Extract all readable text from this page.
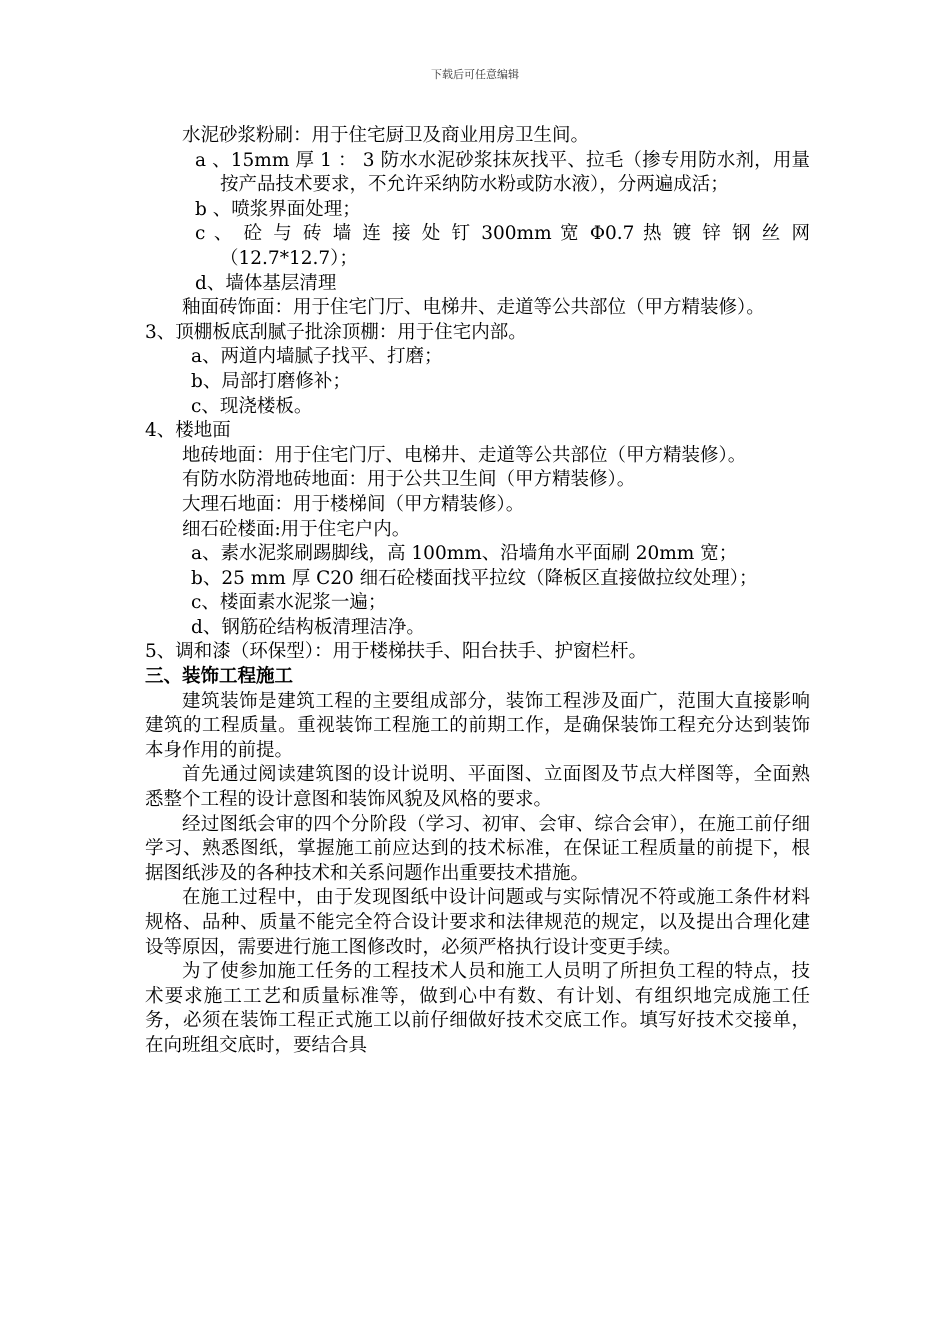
下载后可任意编辑

水泥砂浆粉刷：用于住宅厨卫及商业用房卫生间。

a 、15mm 厚 1 ： 3 防水水泥砂浆抹灰找平、拉毛（掺专用防水剂，用量按产品技术要求，不允许采纳防水粉或防水液），分两遍成活；

b 、喷浆界面处理；

c 、 砼 与 砖 墙 连 接 处 钉 300mm 宽 Φ0.7 热 镀 锌 钢 丝 网（12.7*12.7）；

d、墙体基层清理

釉面砖饰面：用于住宅门厅、电梯井、走道等公共部位（甲方精装修）。

3、顶棚板底刮腻子批涂顶棚：用于住宅内部。

a、两道内墙腻子找平、打磨；

b、局部打磨修补；

c、现浇楼板。

4、楼地面

地砖地面：用于住宅门厅、电梯井、走道等公共部位（甲方精装修）。

有防水防滑地砖地面：用于公共卫生间（甲方精装修）。

大理石地面：用于楼梯间（甲方精装修）。

细石砼楼面:用于住宅户内。

a、素水泥浆刷踢脚线，高 100mm、沿墙角水平面刷 20mm 宽；

b、25 mm 厚 C20 细石砼楼面找平拉纹（降板区直接做拉纹处理）；

c、楼面素水泥浆一遍；

d、钢筋砼结构板清理洁净。

5、调和漆（环保型）：用于楼梯扶手、阳台扶手、护窗栏杆。

三、装饰工程施工

建筑装饰是建筑工程的主要组成部分，装饰工程涉及面广，范围大直接影响建筑的工程质量。重视装饰工程施工的前期工作，是确保装饰工程充分达到装饰本身作用的前提。

首先通过阅读建筑图的设计说明、平面图、立面图及节点大样图等，全面熟悉整个工程的设计意图和装饰风貌及风格的要求。

经过图纸会审的四个分阶段（学习、初审、会审、综合会审），在施工前仔细学习、熟悉图纸，掌握施工前应达到的技术标准，在保证工程质量的前提下，根据图纸涉及的各种技术和关系问题作出重要技术措施。

在施工过程中，由于发现图纸中设计问题或与实际情况不符或施工条件材料规格、品种、质量不能完全符合设计要求和法律规范的规定，以及提出合理化建设等原因，需要进行施工图修改时，必须严格执行设计变更手续。

为了使参加施工任务的工程技术人员和施工人员明了所担负工程的特点，技术要求施工工艺和质量标准等，做到心中有数、有计划、有组织地完成施工任务，必须在装饰工程正式施工以前仔细做好技术交底工作。填写好技术交接单，在向班组交底时，要结合具
